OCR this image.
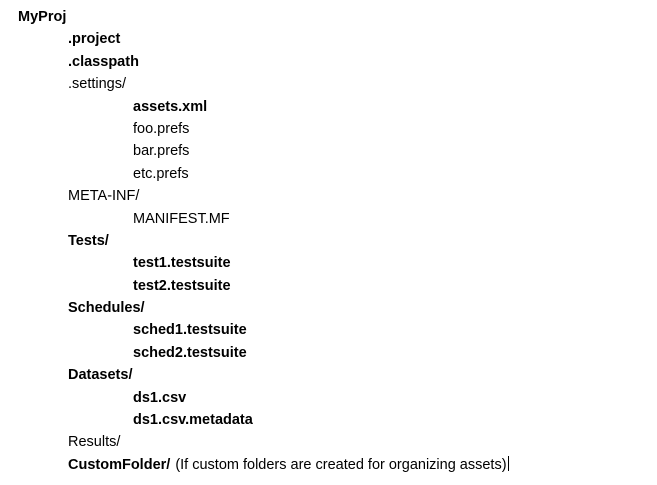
MyProj
.project
.classpath
.settings/
assets.xml
foo.prefs
bar.prefs
etc.prefs
META-INF/
MANIFEST.MF
Tests/
test1.testsuite
test2.testsuite
Schedules/
sched1.testsuite
sched2.testsuite
Datasets/
ds1.csv
ds1.csv.metadata
Results/
CustomFolder/ (If custom folders are created for organizing assets)
